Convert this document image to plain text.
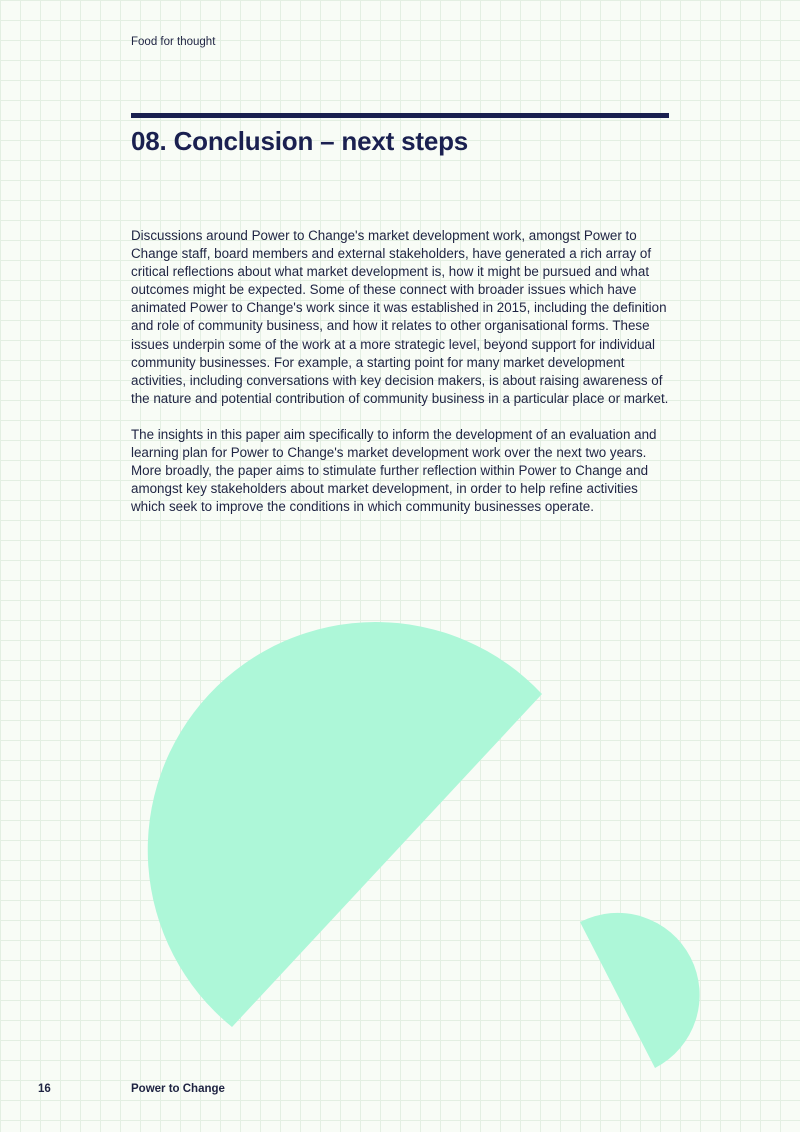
Food for thought
08. Conclusion – next steps

Discussions around Power to Change's market development work, amongst Power to Change staff, board members and external stakeholders, have generated a rich array of critical reflections about what market development is, how it might be pursued and what outcomes might be expected. Some of these connect with broader issues which have animated Power to Change's work since it was established in 2015, including the definition and role of community business, and how it relates to other organisational forms. These issues underpin some of the work at a more strategic level, beyond support for individual community businesses. For example, a starting point for many market development activities, including conversations with key decision makers, is about raising awareness of the nature and potential contribution of community business in a particular place or market.

The insights in this paper aim specifically to inform the development of an evaluation and learning plan for Power to Change's market development work over the next two years. More broadly, the paper aims to stimulate further reflection within Power to Change and amongst key stakeholders about market development, in order to help refine activities which seek to improve the conditions in which community businesses operate.

16	Power to Change
